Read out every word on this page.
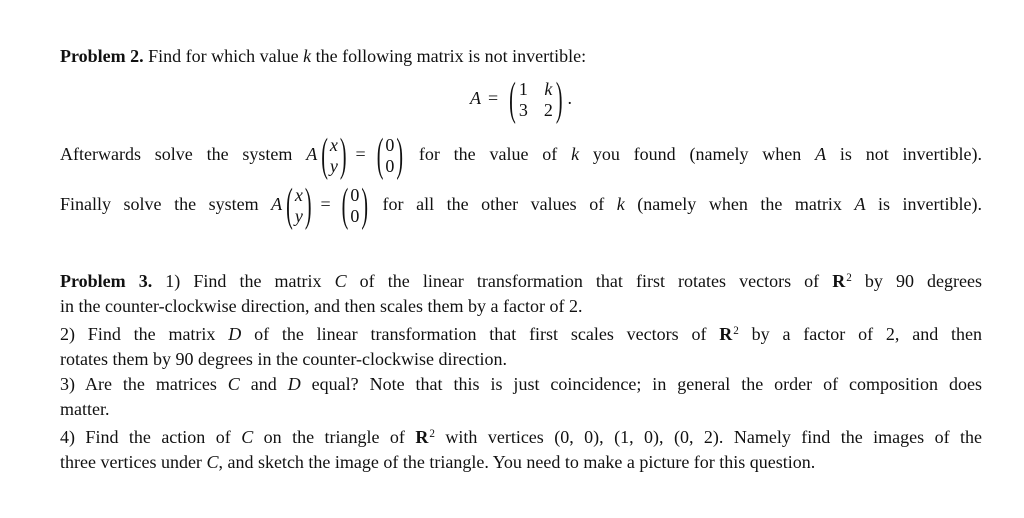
Problem 2. Find for which value k the following matrix is not invertible:
A = ( 1 k
3 2 ) .
Afterwards solve the system A ( x
y ) = ( 0
0 ) for the value of k you found (namely when A is not invertible).
Finally solve the system A ( x
y ) = ( 0
0 ) for all the other values of k (namely when the matrix A is invertible).
Problem 3. 1) Find the matrix C of the linear transformation that first rotates vectors of $R^2$ by 90 degrees
in the counter-clockwise direction, and then scales them by a factor of 2.
2) Find the matrix D of the linear transformation that first scales vectors of $R^2$ by a factor of 2, and then
rotates them by 90 degrees in the counter-clockwise direction.
3) Are the matrices C and D equal? Note that this is just coincidence; in general the order of composition does
matter.
4) Find the action of C on the triangle of $R^2$ with vertices (0, 0), (1, 0), (0, 2). Namely find the images of the
three vertices under C, and sketch the image of the triangle. You need to make a picture for this question.
